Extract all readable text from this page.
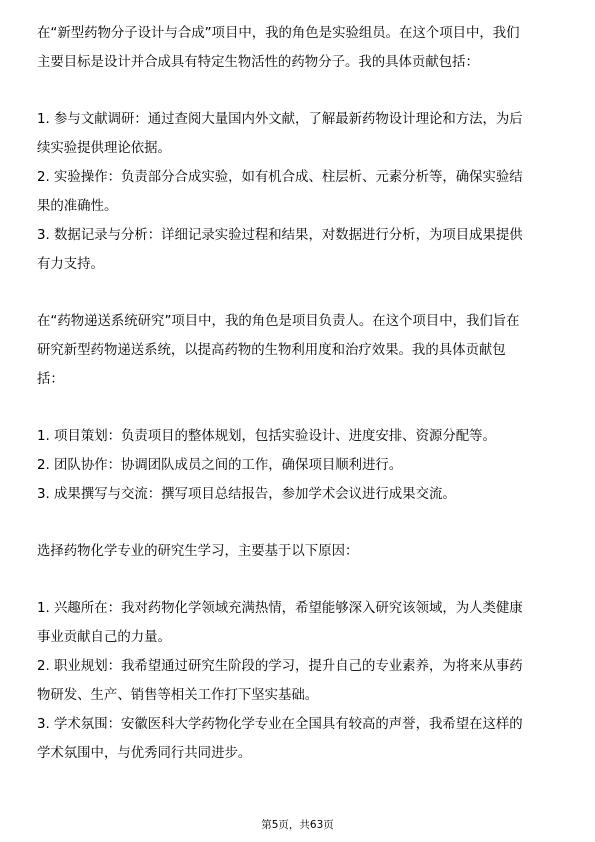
在“新型药物分子设计与合成”项目中，我的角色是实验组员。在这个项目中，我们
主要目标是设计并合成具有特定生物活性的药物分子。我的具体贡献包括：
1. 参与文献调研：通过查阅大量国内外文献，了解最新药物设计理论和方法，为后
续实验提供理论依据。
2. 实验操作：负责部分合成实验，如有机合成、柱层析、元素分析等，确保实验结
果的准确性。
3. 数据记录与分析：详细记录实验过程和结果，对数据进行分析，为项目成果提供
有力支持。
在“药物递送系统研究”项目中，我的角色是项目负责人。在这个项目中，我们旨在
研究新型药物递送系统，以提高药物的生物利用度和治疗效果。我的具体贡献包
括：
1. 项目策划：负责项目的整体规划，包括实验设计、进度安排、资源分配等。
2. 团队协作：协调团队成员之间的工作，确保项目顺利进行。
3. 成果撰写与交流：撰写项目总结报告，参加学术会议进行成果交流。
选择药物化学专业的研究生学习，主要基于以下原因：
1. 兴趣所在：我对药物化学领域充满热情，希望能够深入研究该领域，为人类健康
事业贡献自己的力量。
2. 职业规划：我希望通过研究生阶段的学习，提升自己的专业素养，为将来从事药
物研发、生产、销售等相关工作打下坚实基础。
3. 学术氛围：安徽医科大学药物化学专业在全国具有较高的声誉，我希望在这样的
学术氛围中，与优秀同行共同进步。
第5页，共63页
